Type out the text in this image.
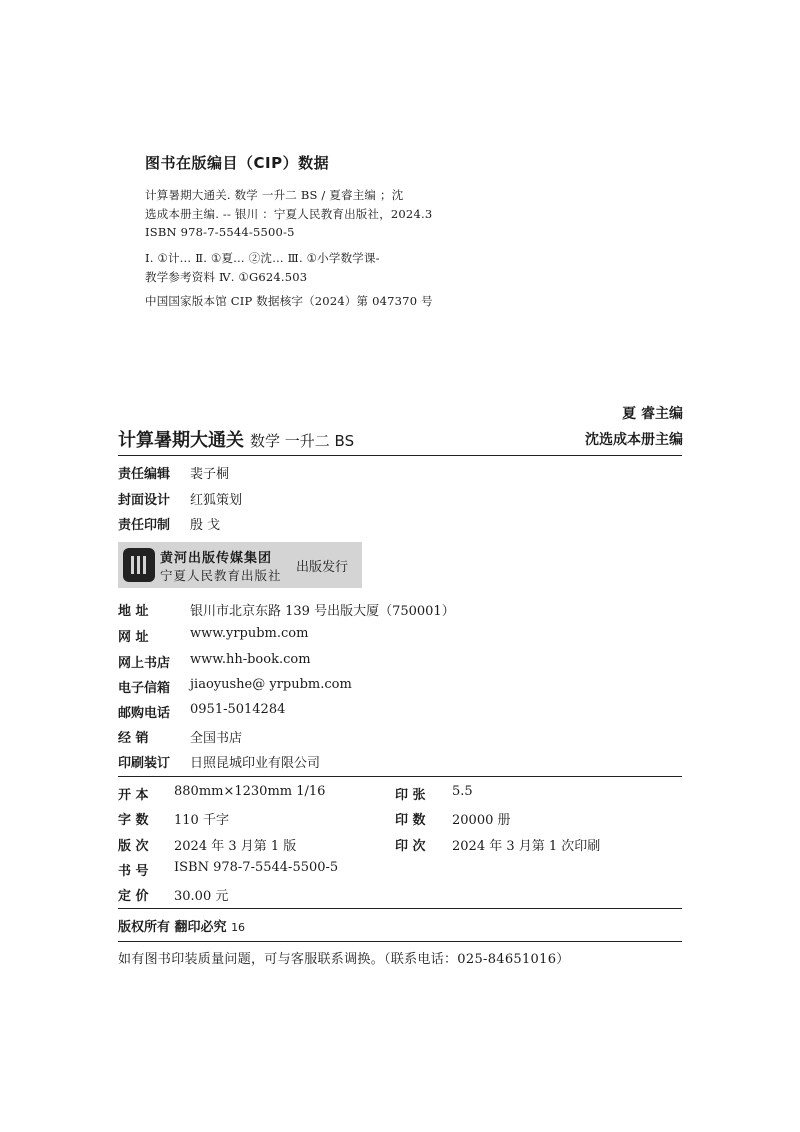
图书在版编目（CIP）数据
计算暑期大通关. 数学 一升二 BS / 夏睿主编 ；沈
选成本册主编. -- 银川 ：宁夏人民教育出版社，2024.3
ISBN 978-7-5544-5500-5
Ⅰ. ①计… Ⅱ. ①夏… ②沈… Ⅲ. ①小学数学课-
教学参考资料 Ⅳ. ①G624.503
中国国家版本馆 CIP 数据核字（2024）第 047370 号
夏 睿主编
计算暑期大通关 数学 一升二 BS	沈选成本册主编
责任编辑 裴子桐
封面设计 红狐策划
责任印制 殷 戈
黄河出版传媒集团
宁夏人民教育出版社
出版发行
地 址	银川市北京东路 139 号出版大厦（750001）
网 址	www.yrpubm.com
网上书店 www.hh-book.com
电子信箱 jiaoyushe@ yrpubm.com
邮购电话 0951-5014284
经 销	全国书店
印刷装订 日照昆城印业有限公司
开 本 880mm×1230mm 1/16	印 张 5.5
字 数 110 千字	印 数 20000 册
版 次 2024 年 3 月第 1 版	印 次 2024 年 3 月第 1 次印刷
书 号 ISBN 978-7-5544-5500-5
定 价 30.00 元
版权所有 翻印必究 16
如有图书印装质量问题，可与客服联系调换。（联系电话：025-84651016）
